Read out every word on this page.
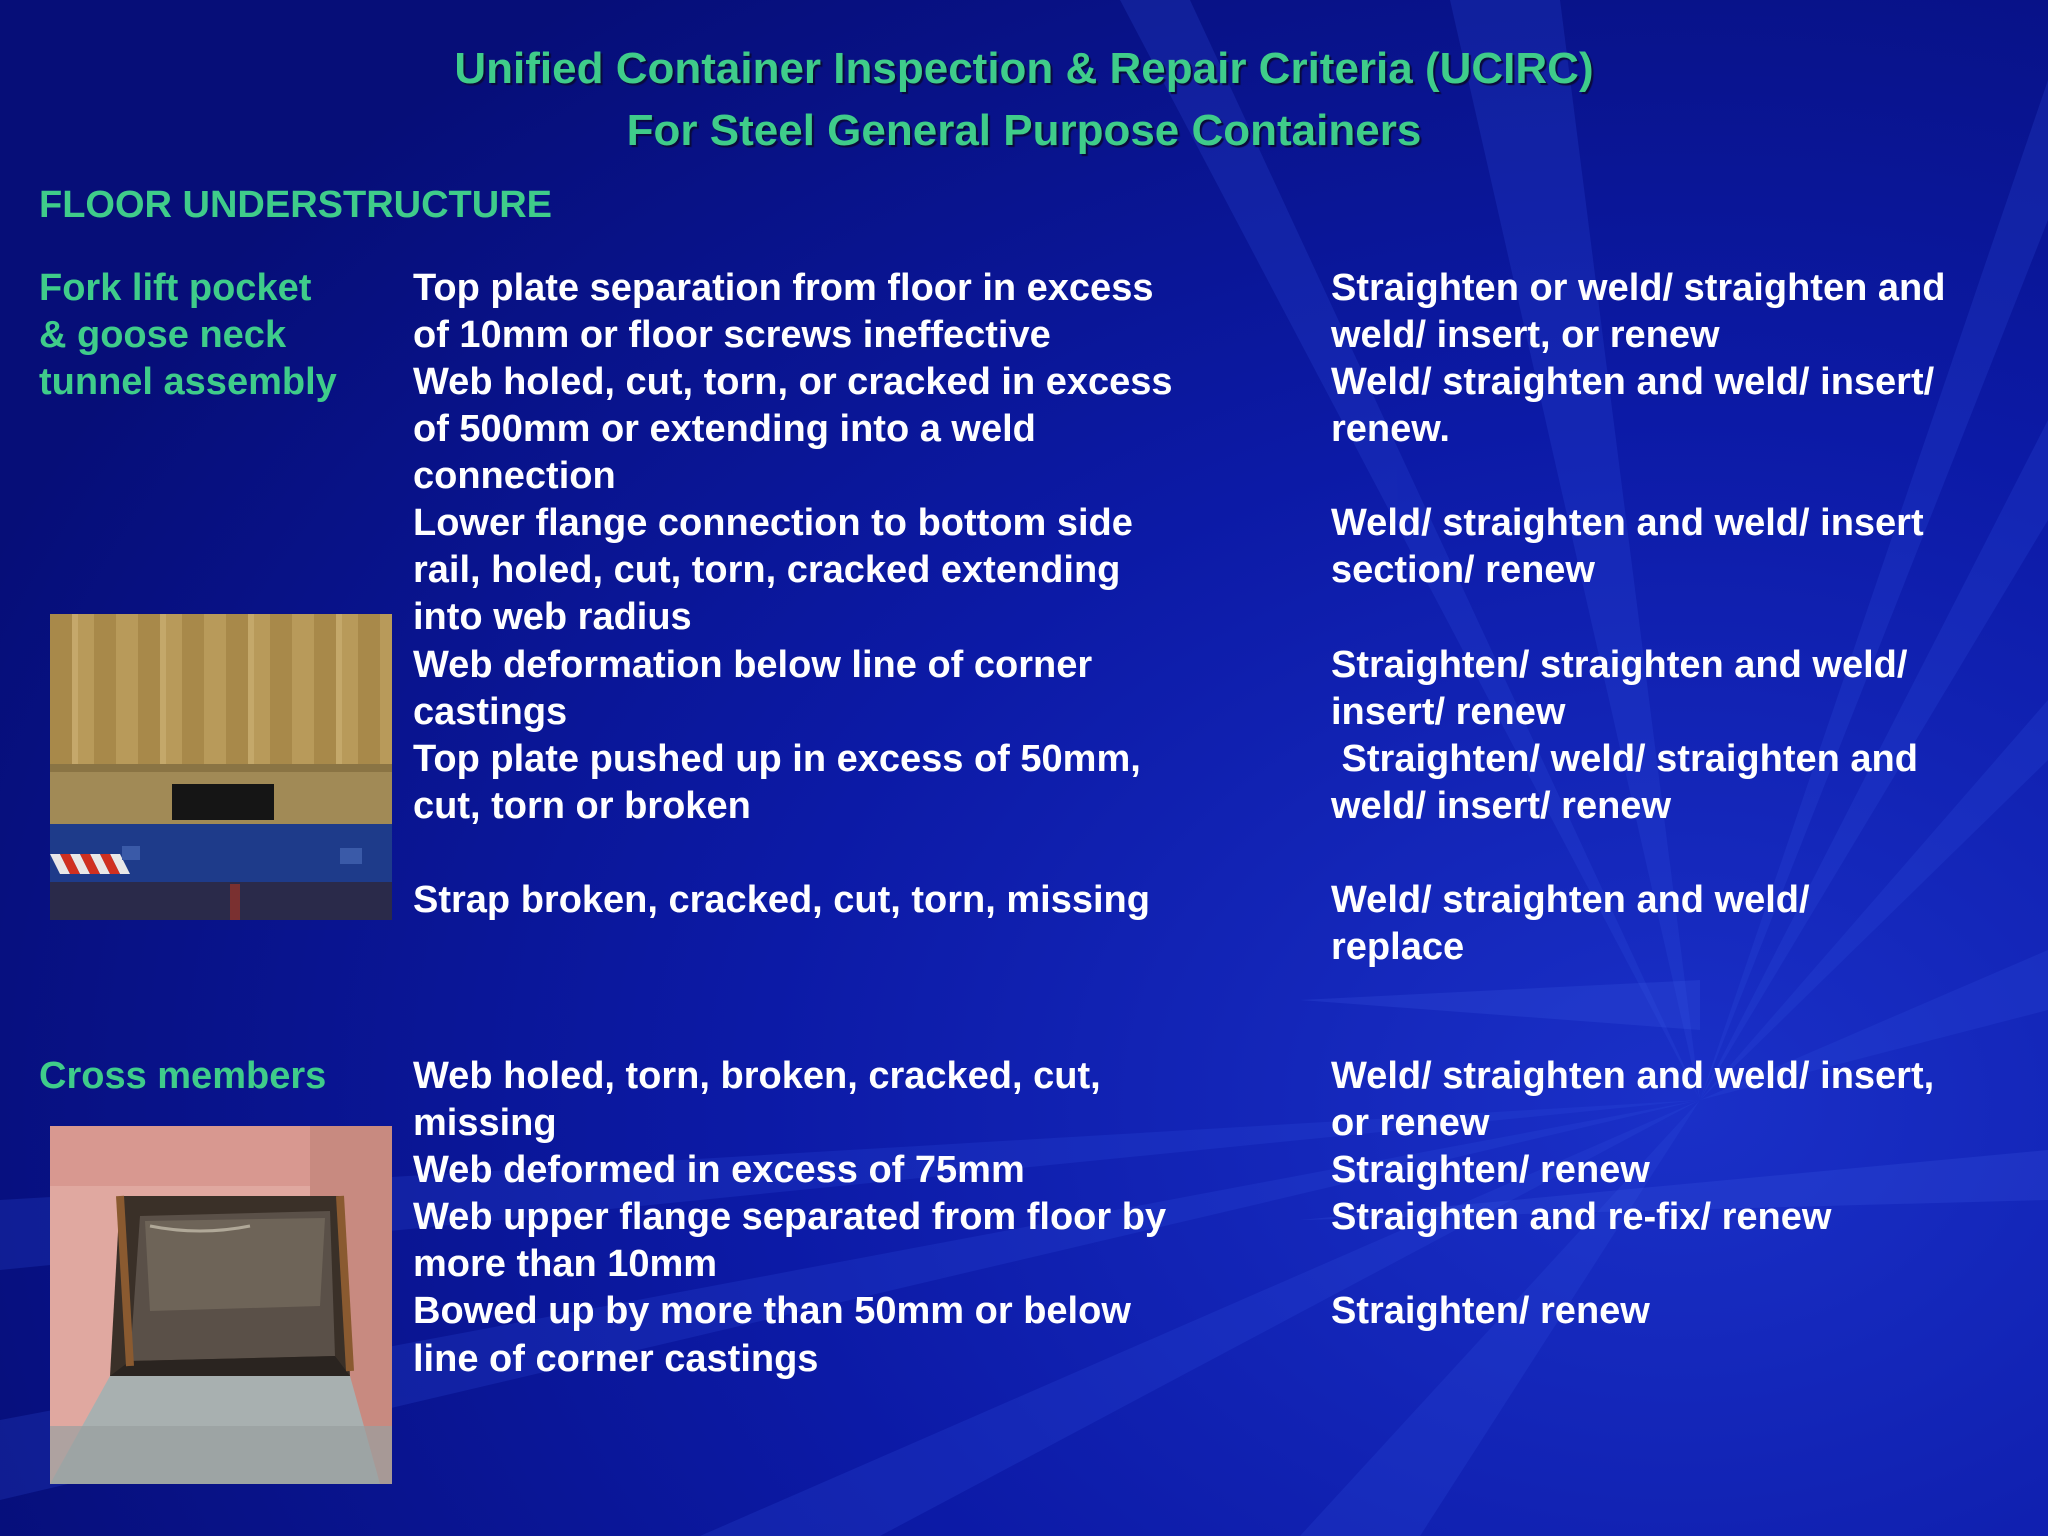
Unified Container Inspection & Repair Criteria (UCIRC)
For Steel General Purpose Containers
FLOOR UNDERSTRUCTURE
Fork lift pocket
& goose neck
tunnel assembly
Top plate separation from floor in excess
of 10mm or floor screws ineffective
Web holed, cut, torn, or cracked in excess
of 500mm or extending into a weld
connection
Lower flange connection to bottom side
rail, holed, cut, torn, cracked extending
into web radius
Web deformation below line of corner
castings
Top plate pushed up in excess of 50mm,
cut, torn or broken
Strap broken, cracked, cut, torn, missing
Straighten or weld/ straighten and
weld/ insert, or renew
Weld/ straighten and weld/ insert/
renew.
Weld/ straighten and weld/ insert
section/ renew
Straighten/ straighten and weld/
insert/ renew
Straighten/ weld/ straighten and
weld/ insert/ renew
Weld/ straighten and weld/
replace
Cross members Web holed, torn, broken, cracked, cut,
missing
Web deformed in excess of 75mm
Web upper flange separated from floor by
more than 10mm
Bowed up by more than 50mm or below
line of corner castings
Weld/ straighten and weld/ insert,
or renew
Straighten/ renew
Straighten and re-fix/ renew
Straighten/ renew
